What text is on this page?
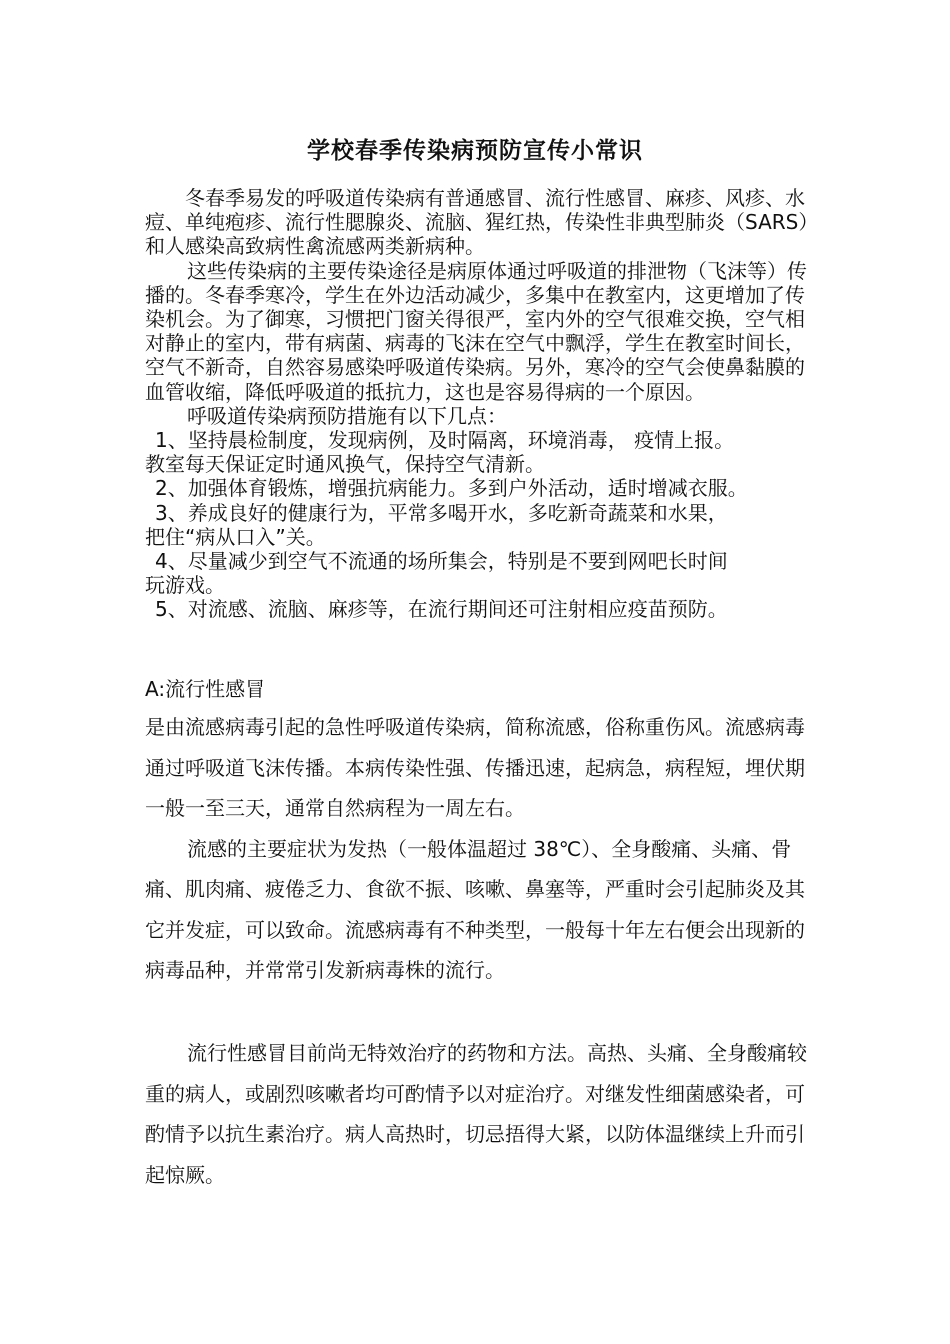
学校春季传染病预防宣传小常识

冬春季易发的呼吸道传染病有普通感冒、流行性感冒、麻疹、风疹、水痘、单纯疱疹、流行性腮腺炎、流脑、猩红热，传染性非典型肺炎（SARS）和人感染高致病性禽流感两类新病种。

这些传染病的主要传染途径是病原体通过呼吸道的排泄物（飞沫等）传播的。冬春季寒冷，学生在外边活动减少，多集中在教室内，这更增加了传染机会。为了御寒，习惯把门窗关得很严，室内外的空气很难交换，空气相对静止的室内，带有病菌、病毒的飞沫在空气中飘浮，学生在教室时间长，空气不新奇，自然容易感染呼吸道传染病。另外，寒冷的空气会使鼻黏膜的血管收缩，降低呼吸道的抵抗力，这也是容易得病的一个原因。

呼吸道传染病预防措施有以下几点：

1、坚持晨检制度，发现病例，及时隔离，环境消毒， 疫情上报。

教室每天保证定时通风换气，保持空气清新。

2、加强体育锻炼，增强抗病能力。多到户外活动，适时增减衣服。

3、养成良好的健康行为，平常多喝开水，多吃新奇蔬菜和水果，

把住“病从口入”关。

4、尽量减少到空气不流通的场所集会，特别是不要到网吧长时间

玩游戏。

5、对流感、流脑、麻疹等，在流行期间还可注射相应疫苗预防。

A:流行性感冒

是由流感病毒引起的急性呼吸道传染病，简称流感，俗称重伤风。流感病毒通过呼吸道飞沫传播。本病传染性强、传播迅速，起病急，病程短，埋伏期一般一至三天，通常自然病程为一周左右。

流感的主要症状为发热（一般体温超过 38℃）、全身酸痛、头痛、骨痛、肌肉痛、疲倦乏力、食欲不振、咳嗽、鼻塞等，严重时会引起肺炎及其它并发症，可以致命。流感病毒有不种类型，一般每十年左右便会出现新的病毒品种，并常常引发新病毒株的流行。

流行性感冒目前尚无特效治疗的药物和方法。高热、头痛、全身酸痛较重的病人，或剧烈咳嗽者均可酌情予以对症治疗。对继发性细菌感染者，可酌情予以抗生素治疗。病人高热时，切忌捂得大紧，以防体温继续上升而引起惊厥。
